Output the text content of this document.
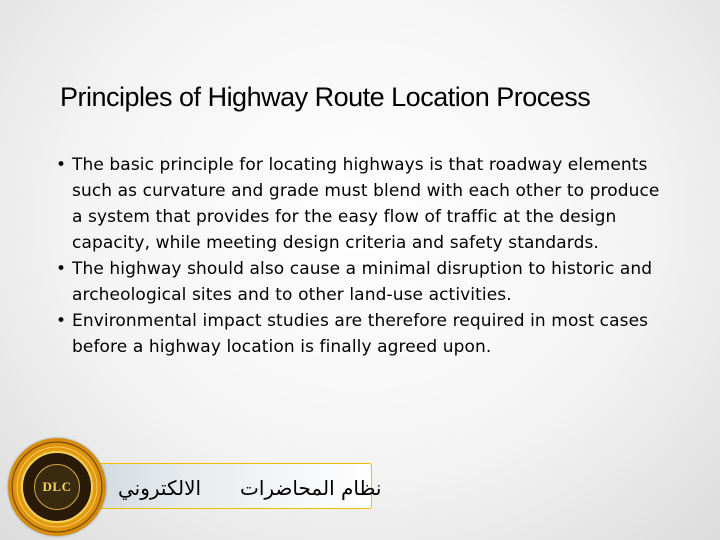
Principles of Highway Route Location Process
• The basic principle for locating highways is that roadway elements such as curvature and grade must blend with each other to produce a system that provides for the easy flow of traffic at the design capacity, while meeting design criteria and safety standards.
• The highway should also cause a minimal disruption to historic and archeological sites and to other land-use activities.
• Environmental impact studies are therefore required in most cases before a highway location is finally agreed upon.
الالكتروني نظام المحاضرات
DLC
